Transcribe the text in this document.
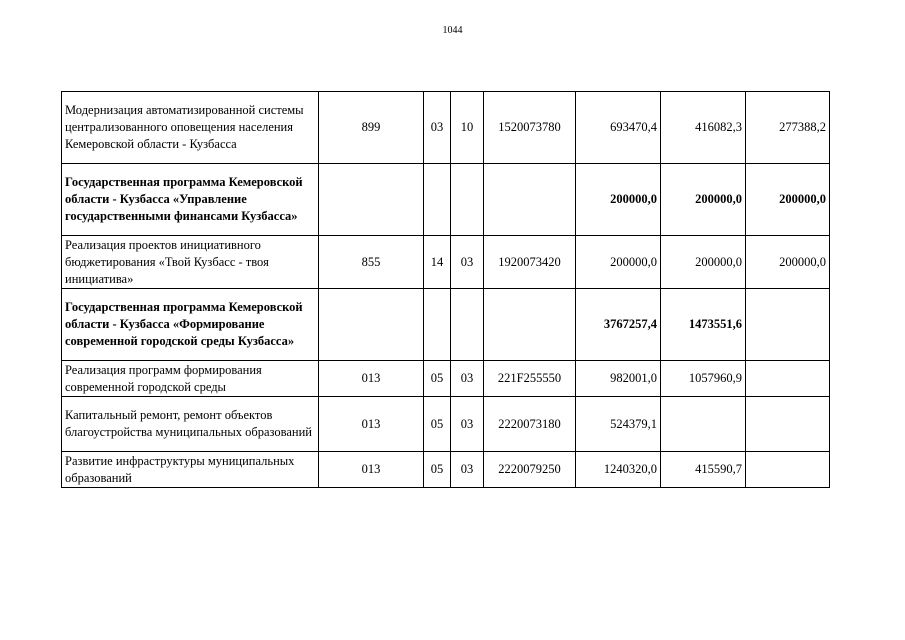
1044
Модернизация автоматизированной системы централизованного оповещения населения Кемеровской области - Кузбасса	899	03	10	1520073780	693470,4	416082,3	277388,2
Государственная программа Кемеровской области - Кузбасса «Управление государственными финансами Кузбасса»					200000,0	200000,0	200000,0
Реализация проектов инициативного бюджетирования «Твой Кузбасс - твоя инициатива»	855	14	03	1920073420	200000,0	200000,0	200000,0
Государственная программа Кемеровской области - Кузбасса «Формирование современной городской среды Кузбасса»					3767257,4	1473551,6	
Реализация программ формирования современной городской среды	013	05	03	221F255550	982001,0	1057960,9	
Капитальный ремонт, ремонт объектов благоустройства муниципальных образований	013	05	03	2220073180	524379,1		
Развитие инфраструктуры муниципальных образований	013	05	03	2220079250	1240320,0	415590,7	
